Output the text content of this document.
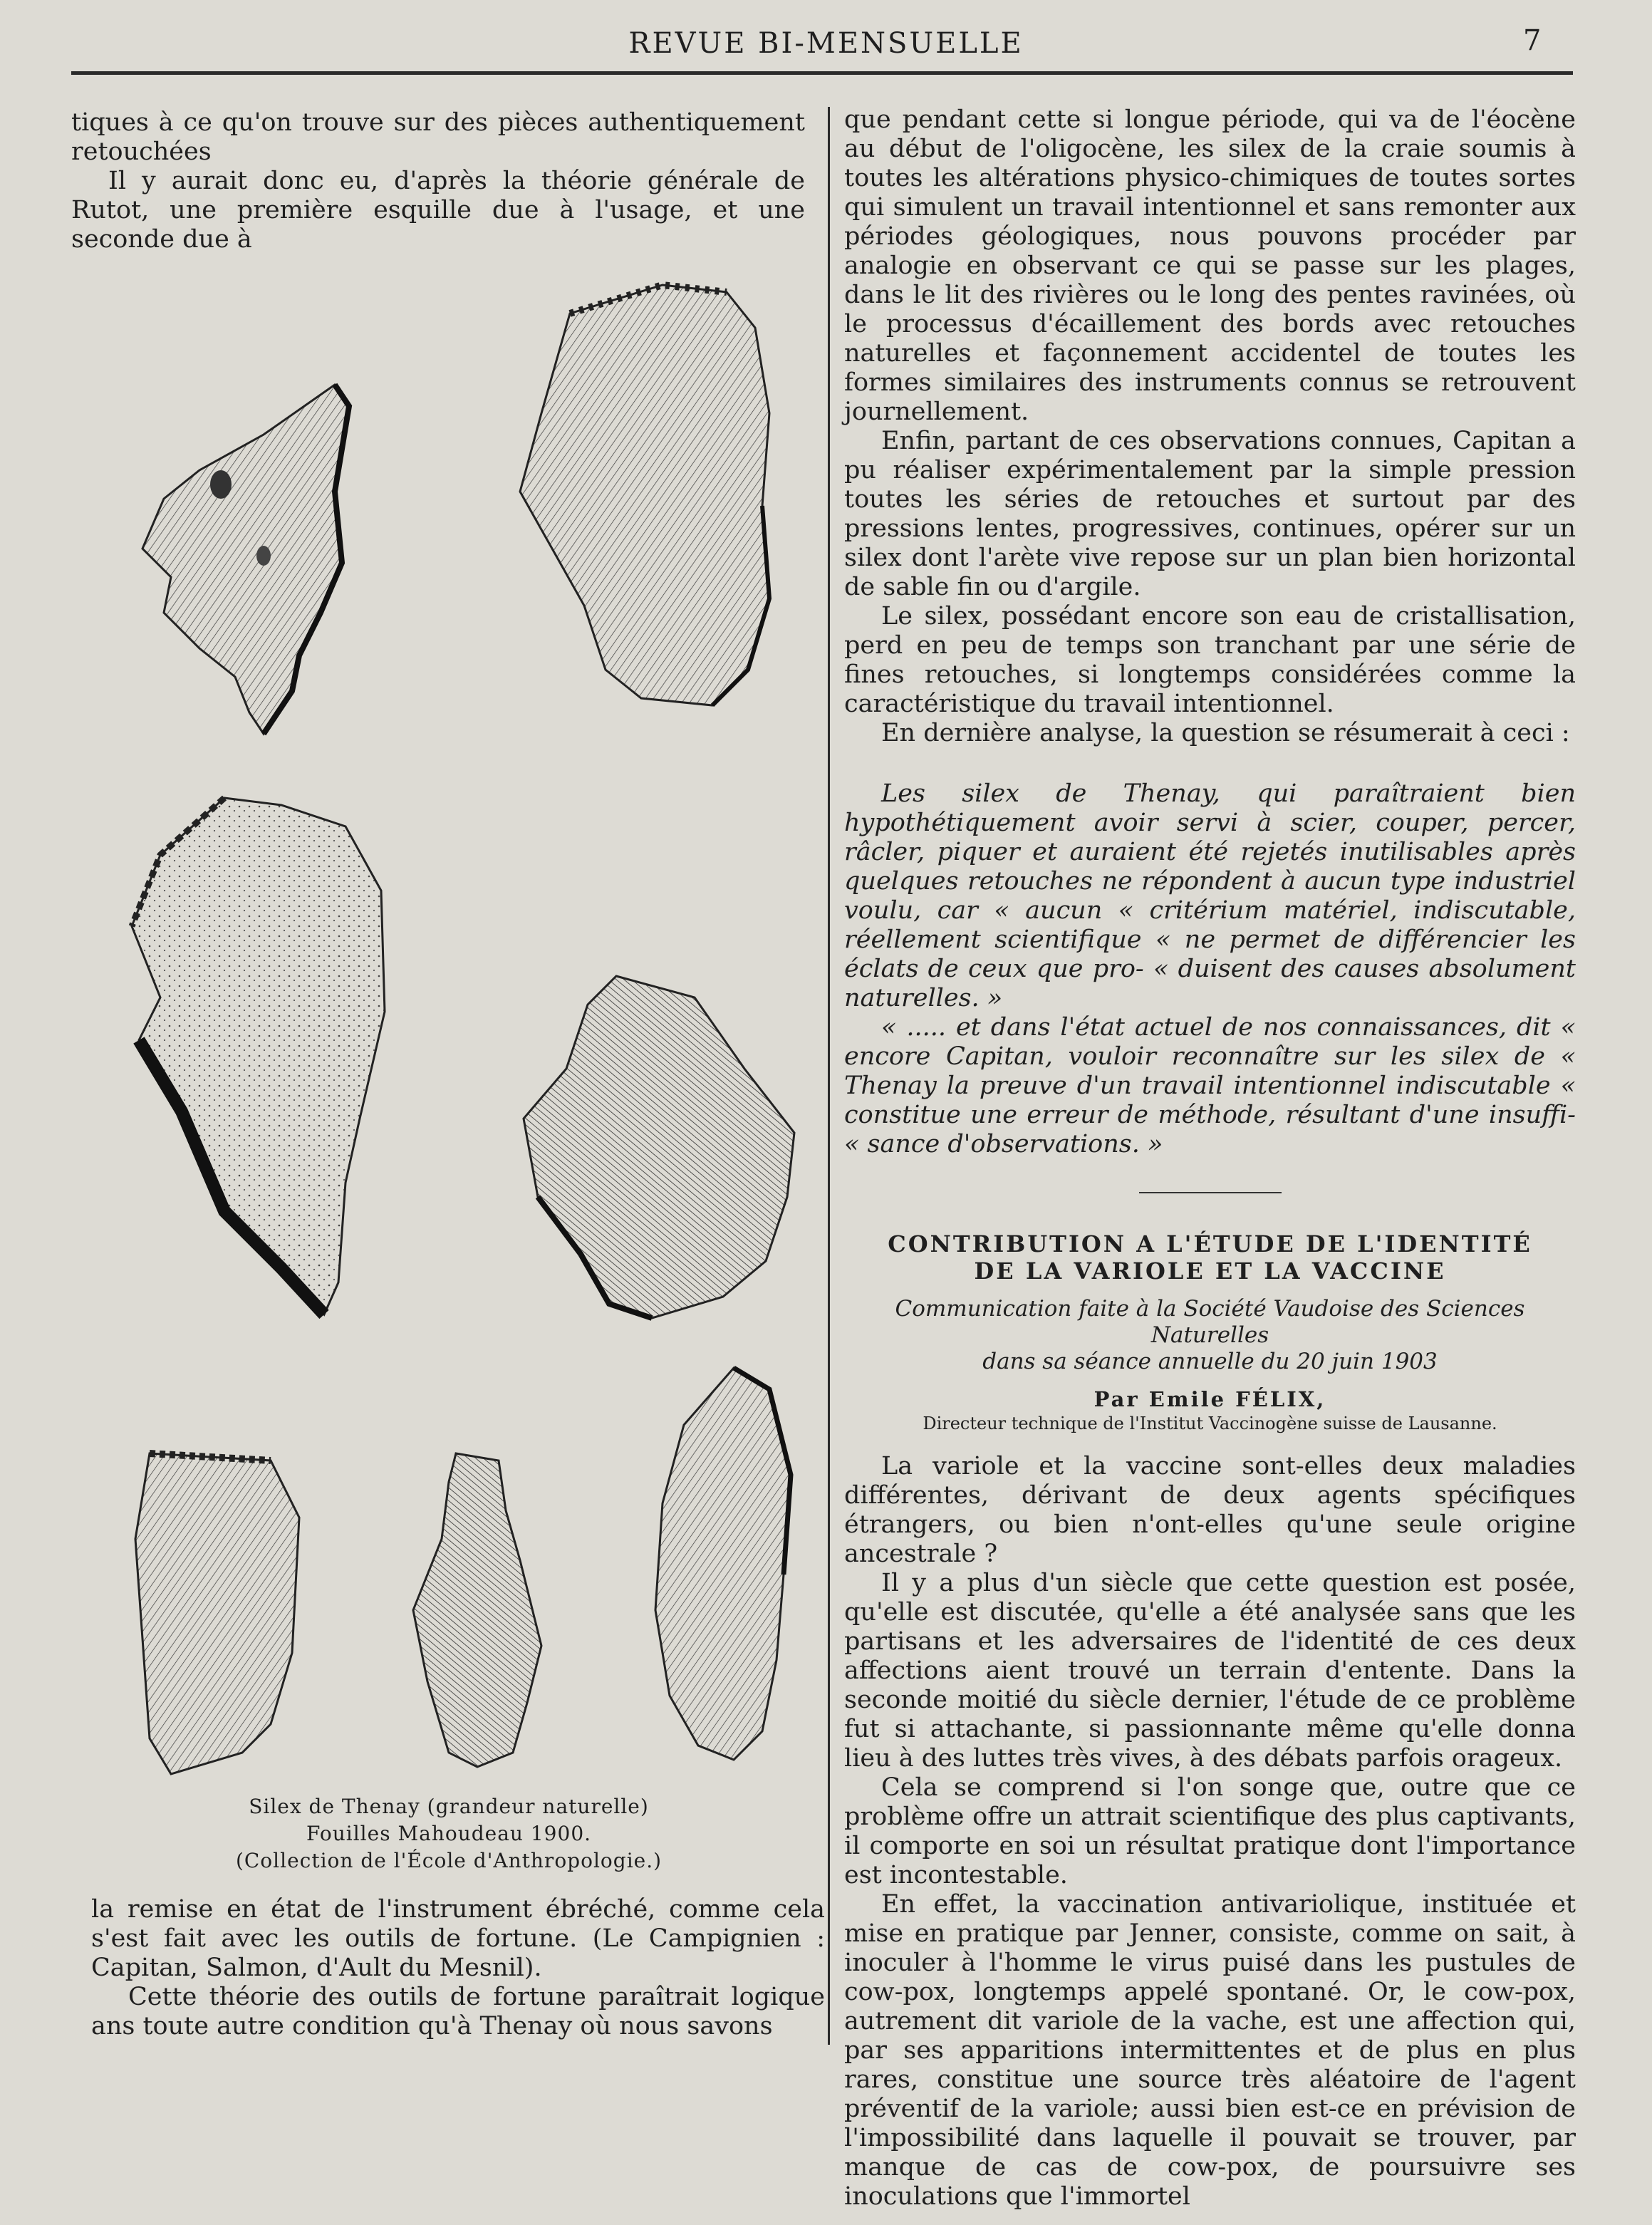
REVUE BI-MENSUELLE	7

tiques à ce qu'on trouve sur des pièces authentiquement retouchées

Il y aurait donc eu, d'après la théorie générale de Rutot, une première esquille due à l'usage, et une seconde due à

Silex de Thenay (grandeur naturelle)
Fouilles Mahoudeau 1900.
(Collection de l'École d'Anthropologie.)

la remise en état de l'instrument ébréché, comme cela s'est fait avec les outils de fortune. (Le Campignien : Capitan, Salmon, d'Ault du Mesnil).

Cette théorie des outils de fortune paraîtrait logique ans toute autre condition qu'à Thenay où nous savons

que pendant cette si longue période, qui va de l'éocène au début de l'oligocène, les silex de la craie soumis à toutes les altérations physico-chimiques de toutes sortes qui simulent un travail intentionnel et sans remonter aux périodes géologiques, nous pouvons procéder par analogie en observant ce qui se passe sur les plages, dans le lit des rivières ou le long des pentes ravinées, où le processus d'écaillement des bords avec retouches naturelles et façonnement accidentel de toutes les formes similaires des instruments connus se retrouvent journellement.

Enfin, partant de ces observations connues, Capitan a pu réaliser expérimentalement par la simple pression toutes les séries de retouches et surtout par des pressions lentes, progressives, continues, opérer sur un silex dont l'arète vive repose sur un plan bien horizontal de sable fin ou d'argile.

Le silex, possédant encore son eau de cristallisation, perd en peu de temps son tranchant par une série de fines retouches, si longtemps considérées comme la caractéristique du travail intentionnel.

En dernière analyse, la question se résumerait à ceci :

Les silex de Thenay, qui paraîtraient bien hypothétiquement avoir servi à scier, couper, percer, râcler, piquer et auraient été rejetés inutilisables après quelques retouches ne répondent à aucun type industriel voulu, car « aucun « critérium matériel, indiscutable, réellement scientifique « ne permet de différencier les éclats de ceux que pro- « duisent des causes absolument naturelles. »

« ..... et dans l'état actuel de nos connaissances, dit « encore Capitan, vouloir reconnaître sur les silex de « Thenay la preuve d'un travail intentionnel indiscutable « constitue une erreur de méthode, résultant d'une insuffi- « sance d'observations. »

CONTRIBUTION A L'ÉTUDE DE L'IDENTITÉ

DE LA VARIOLE ET LA VACCINE

Communication faite à la Société Vaudoise des Sciences Naturelles
dans sa séance annuelle du 20 juin 1903
Par Emile FÉLIX,
Directeur technique de l'Institut Vaccinogène suisse de Lausanne.

La variole et la vaccine sont-elles deux maladies différentes, dérivant de deux agents spécifiques étrangers, ou bien n'ont-elles qu'une seule origine ancestrale ?

Il y a plus d'un siècle que cette question est posée, qu'elle est discutée, qu'elle a été analysée sans que les partisans et les adversaires de l'identité de ces deux affections aient trouvé un terrain d'entente. Dans la seconde moitié du siècle dernier, l'étude de ce problème fut si attachante, si passionnante même qu'elle donna lieu à des luttes très vives, à des débats parfois orageux.

Cela se comprend si l'on songe que, outre que ce problème offre un attrait scientifique des plus captivants, il comporte en soi un résultat pratique dont l'importance est incontestable.

En effet, la vaccination antivariolique, instituée et mise en pratique par Jenner, consiste, comme on sait, à inoculer à l'homme le virus puisé dans les pustules de cow-pox, longtemps appelé spontané. Or, le cow-pox, autrement dit variole de la vache, est une affection qui, par ses apparitions intermittentes et de plus en plus rares, constitue une source très aléatoire de l'agent préventif de la variole; aussi bien est-ce en prévision de l'impossibilité dans laquelle il pouvait se trouver, par manque de cas de cow-pox, de poursuivre ses inoculations que l'immortel
